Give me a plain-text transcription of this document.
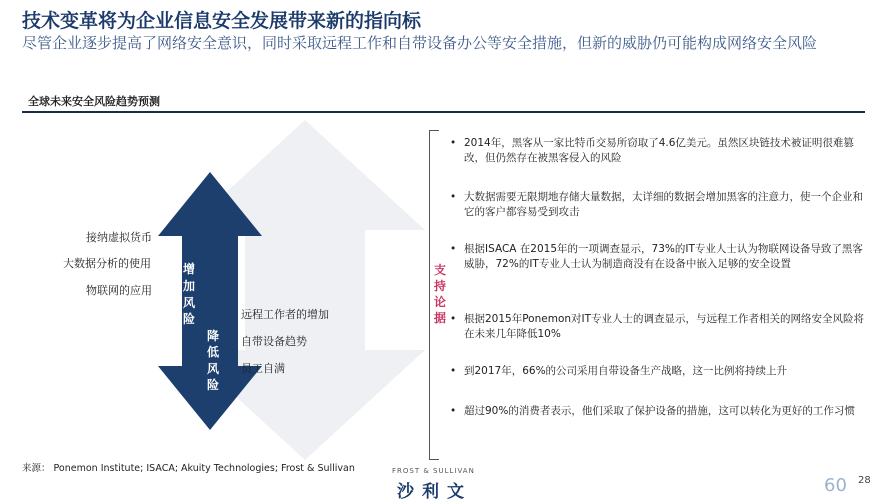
技术变革将为企业信息安全发展带来新的指向标
尽管企业逐步提高了网络安全意识，同时采取远程工作和自带设备办公等安全措施，但新的威胁仍可能构成网络安全风险
全球未来安全风险趋势预测
增
加
风
险
降
低
风
险
接纳虚拟货币
大数据分析的使用
物联网的应用
远程工作者的增加
自带设备趋势
员工自满
支
持
论
据
• 2014年，黑客从一家比特币交易所窃取了4.6亿美元。虽然区块链技术被证明很难篡改，但仍然存在被黑客侵入的风险
• 大数据需要无限期地存储大量数据，太详细的数据会增加黑客的注意力，使一个企业和它的客户都容易受到攻击
• 根据ISACA 在2015年的一项调查显示，73%的IT专业人士认为物联网设备导致了黑客威胁，72%的IT专业人士认为制造商没有在设备中嵌入足够的安全设置
• 根据2015年Ponemon对IT专业人士的调查显示，与远程工作者相关的网络安全风险将在未来几年降低10%
• 到2017年，66%的公司采用自带设备生产战略，这一比例将持续上升
• 超过90%的消费者表示，他们采取了保护设备的措施，这可以转化为更好的工作习惯
来源： Ponemon Institute; ISACA; Akuity Technologies; Frost & Sullivan	FROST & SULLIVAN
沙利文	60 28
